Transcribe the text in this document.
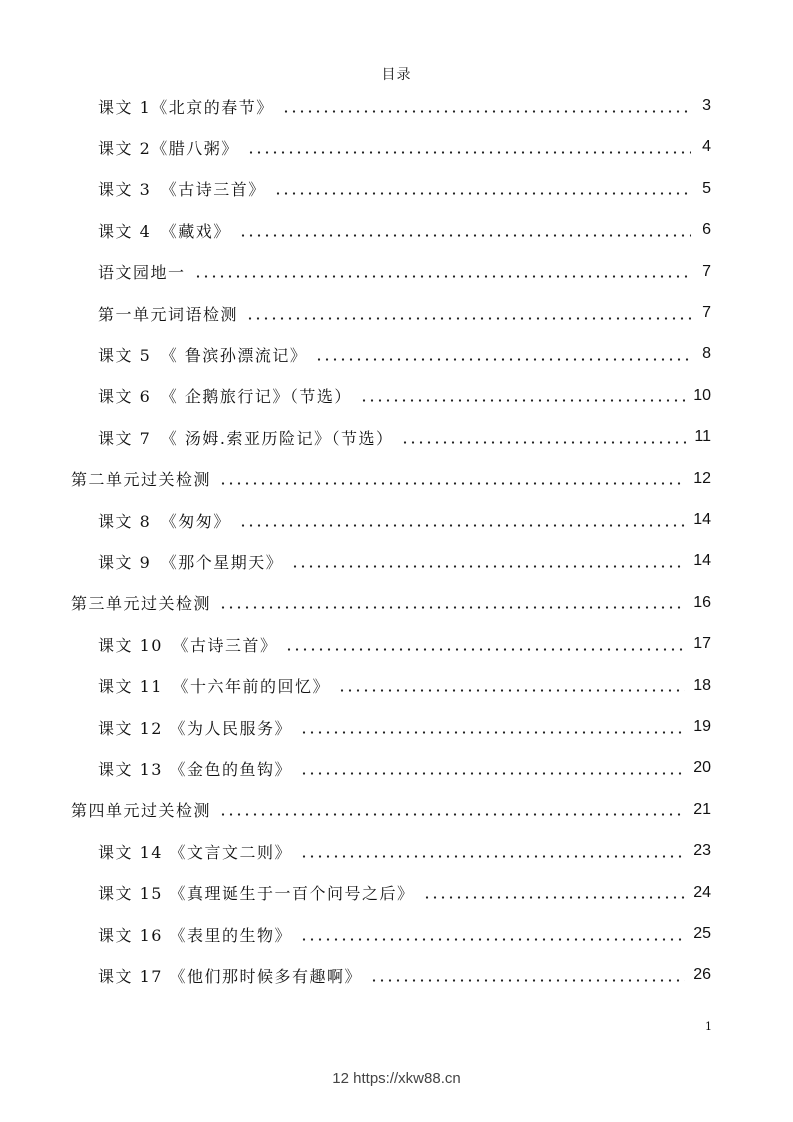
目录
课文 1《北京的春节》	3
课文 2《腊八粥》	4
课文 3　《古诗三首》	5
课文 4　《藏戏》	6
语文园地一	7
第一单元词语检测	7
课文 5　《 鲁滨孙漂流记》	8
课文 6　《 企鹅旅行记》（节选）	10
课文 7　《 汤姆.索亚历险记》（节选）	11
第二单元过关检测	12
课文 8　《匆匆》	14
课文 9　《那个星期天》	14
第三单元过关检测	16
课文 10　《古诗三首》	17
课文 11　《十六年前的回忆》	18
课文 12 《为人民服务》	19
课文 13 《金色的鱼钩》	20
第四单元过关检测	21
课文 14 《文言文二则》	23
课文 15 《真理诞生于一百个问号之后》	24
课文 16 《表里的生物》	25
课文 17 《他们那时候多有趣啊》	26
1
12 https://xkw88.cn
